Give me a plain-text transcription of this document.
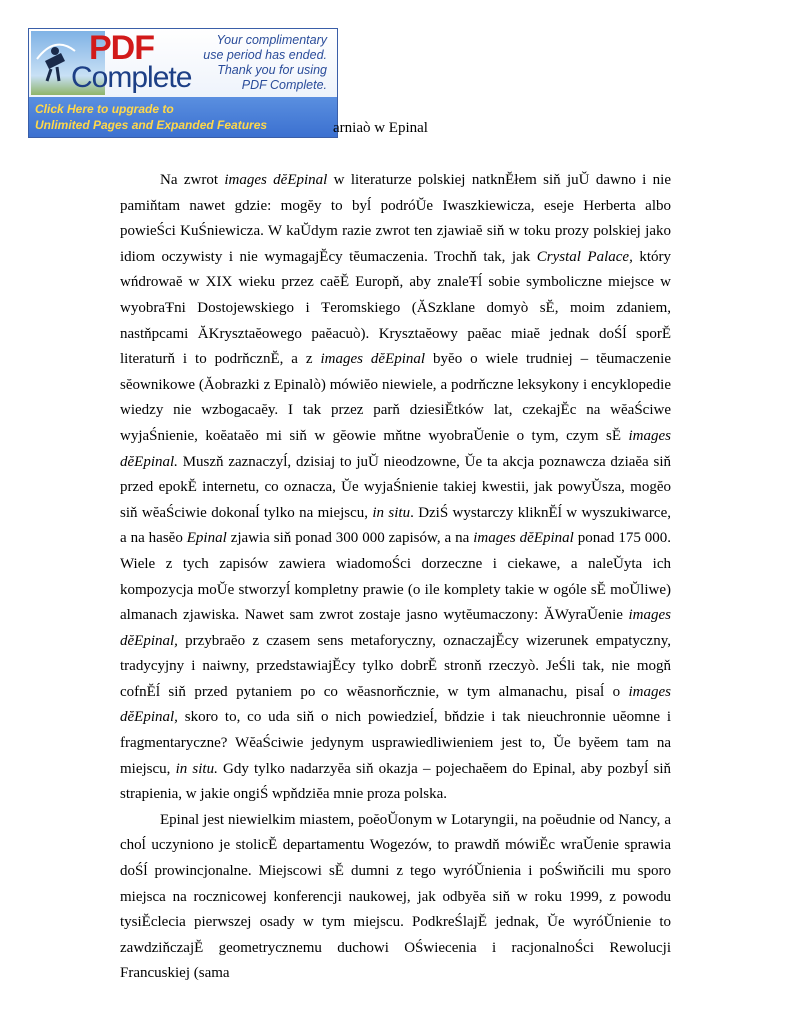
PDF
Complete
Your complimentary
use period has ended.
Thank you for using
PDF Complete.
Click Here to upgrade to
Unlimited Pages and Expanded Features	arniaò w Epinal

Na zwrot images dĕEpinal w literaturze polskiej natknĔłem siň juŬ dawno i nie pamiňtam nawet gdzie: mogĕy to byĺ podróŬe Iwaszkiewicza, eseje Herberta albo powieŚci KuŚniewicza. W kaŬdym razie zwrot ten zjawiaĕ siň w toku prozy polskiej jako idiom oczywisty i nie wymagajĔcy tĕumaczenia. Trochň tak, jak Crystal Palace, który wńdrowaĕ w XIX wieku przez caĕĔ Europň, aby znaleŦĺ sobie symboliczne miejsce w wyobraŦni Dostojewskiego i Ŧeromskiego (ĂSzklane domyò sĔ, moim zdaniem, nastňpcami ĂKrysztaĕowego paĕacuò). Krysztaĕowy paĕac miaĕ jednak doŚĺ sporĔ literaturň i to podrňcznĔ, a z images dĕEpinal byĕo o wiele trudniej – tĕumaczenie sĕownikowe (Ăobrazki z Epinalò) mówiĕo niewiele, a podrňczne leksykony i encyklopedie wiedzy nie wzbogacaĕy. I tak przez parň dziesiĔtków lat, czekajĔc na wĕaŚciwe wyjaŚnienie, koĕataĕo mi siň w gĕowie mňtne wyobraŬenie o tym, czym sĔ images dĕEpinal. Muszň zaznaczyĺ, dzisiaj to juŬ nieodzowne, Ŭe ta akcja poznawcza dziaĕa siň przed epokĔ internetu, co oznacza, Ŭe wyjaŚnienie takiej kwestii, jak powyŬsza, mogĕo siň wĕaŚciwie dokonaĺ tylko na miejscu, in situ. DziŚ wystarczy kliknĔĺ w wyszukiwarce, a na hasĕo Epinal zjawia siň ponad 300 000 zapisów, a na images dĕEpinal ponad 175 000. Wiele z tych zapisów zawiera wiadomoŚci dorzeczne i ciekawe, a naleŬyta ich kompozycja moŬe stworzyĺ kompletny prawie (o ile komplety takie w ogóle sĔ moŬliwe) almanach zjawiska. Nawet sam zwrot zostaje jasno wytĕumaczony: ĂWyraŬenie images dĕEpinal, przybraĕo z czasem sens metaforyczny, oznaczajĔcy wizerunek empatyczny, tradycyjny i naiwny, przedstawiajĔcy tylko dobrĔ stronň rzeczyò. JeŚli tak, nie mogň cofnĔĺ siň przed pytaniem po co wĕasnorňcznie, w tym almanachu, pisaĺ o images dĕEpinal, skoro to, co uda siň o nich powiedzieĺ, bňdzie i tak nieuchronnie uĕomne i fragmentaryczne? WĕaŚciwie jedynym usprawiedliwieniem jest to, Ŭe byĕem tam na miejscu, in situ. Gdy tylko nadarzyĕa siň okazja – pojechaĕem do Epinal, aby pozbyĺ siň strapienia, w jakie ongiŚ wpňdziĕa mnie proza polska.

Epinal jest niewielkim miastem, poĕoŬonym w Lotaryngii, na poĕudnie od Nancy, a choĺ uczyniono je stolicĔ departamentu Wogezów, to prawdň mówiĔc wraŬenie sprawia doŚĺ prowincjonalne. Miejscowi sĔ dumni z tego wyróŬnienia i poŚwiňcili mu sporo miejsca na rocznicowej konferencji naukowej, jak odbyĕa siň w roku 1999, z powodu tysiĔclecia pierwszej osady w tym miejscu. PodkreŚlajĔ jednak, Ŭe wyróŬnienie to zawdziňczajĔ geometrycznemu duchowi OŚwiecenia i racjonalnoŚci Rewolucji Francuskiej (sama
